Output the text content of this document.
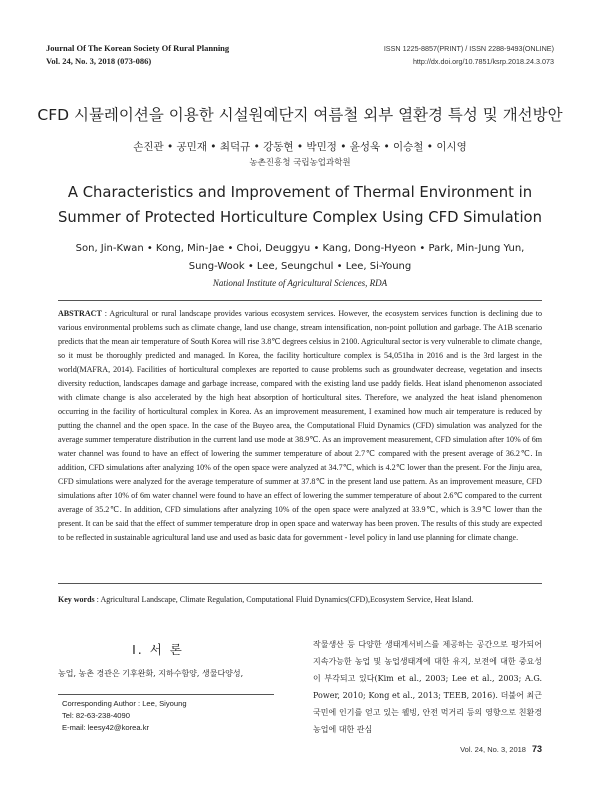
Journal Of The Korean Society Of Rural Planning
Vol. 24, No. 3, 2018 (073-086)
ISSN 1225-8857(PRINT) / ISSN 2288-9493(ONLINE)
http://dx.doi.org/10.7851/ksrp.2018.24.3.073
CFD 시뮬레이션을 이용한 시설원예단지 여름철 외부 열환경 특성 및 개선방안
손진관 • 공민재 • 최덕규 • 강동현 • 박민정 • 윤성욱 • 이승철 • 이시영
농촌진흥청 국립농업과학원
A Characteristics and Improvement of Thermal Environment in Summer of Protected Horticulture Complex Using CFD Simulation
Son, Jin-Kwan • Kong, Min-Jae • Choi, Deuggyu • Kang, Dong-Hyeon • Park, Min-Jung Yun, Sung-Wook • Lee, Seungchul • Lee, Si-Young
National Institute of Agricultural Sciences, RDA
ABSTRACT : Agricultural or rural landscape provides various ecosystem services. However, the ecosystem services function is declining due to various environmental problems such as climate change, land use change, stream intensification, non-point pollution and garbage. The A1B scenario predicts that the mean air temperature of South Korea will rise 3.8℃ degrees celsius in 2100. Agricultural sector is very vulnerable to climate change, so it must be thoroughly predicted and managed. In Korea, the facility horticulture complex is 54,051ha in 2016 and is the 3rd largest in the world(MAFRA, 2014). Facilities of horticultural complexes are reported to cause problems such as groundwater decrease, vegetation and insects diversity reduction, landscapes damage and garbage increase, compared with the existing land use paddy fields. Heat island phenomenon associated with climate change is also accelerated by the high heat absorption of horticultural sites. Therefore, we analyzed the heat island phenomenon occurring in the facility of horticultural complex in Korea. As an improvement measurement, I examined how much air temperature is reduced by putting the channel and the open space. In the case of the Buyeo area, the Computational Fluid Dynamics (CFD) simulation was analyzed for the average summer temperature distribution in the current land use mode at 38.9℃. As an improvement measurement, CFD simulation after 10% of 6m water channel was found to have an effect of lowering the summer temperature of about 2.7℃ compared with the present average of 36.2℃. In addition, CFD simulations after analyzing 10% of the open space were analyzed at 34.7℃, which is 4.2℃ lower than the present. For the Jinju area, CFD simulations were analyzed for the average temperature of summer at 37.8℃ in the present land use pattern. As an improvement measure, CFD simulations after 10% of 6m water channel were found to have an effect of lowering the summer temperature of about 2.6℃ compared to the current average of 35.2℃. In addition, CFD simulations after analyzing 10% of the open space were analyzed at 33.9℃, which is 3.9℃ lower than the present. It can be said that the effect of summer temperature drop in open space and waterway has been proven. The results of this study are expected to be reflected in sustainable agricultural land use and used as basic data for government - level policy in land use planning for climate change.
Key words : Agricultural Landscape, Climate Regulation, Computational Fluid Dynamics(CFD),Ecosystem Service, Heat Island.
I. 서 론
농업, 농촌 경관은 기후완화, 지하수함양, 생물다양성,
Corresponding Author : Lee, Siyoung
Tel: 82-63-238-4090
E-mail: leesy42@korea.kr
작물생산 등 다양한 생태계서비스를 제공하는 공간으로 평가되어 지속가능한 농업 및 농업생태계에 대한 유지, 보전에 대한 중요성이 부각되고 있다(Kim et al., 2003; Lee et al., 2003; A.G. Power, 2010; Kong et al., 2013; TEEB, 2016). 더불어 최근 국민에 인기를 얻고 있는 웰빙, 안전 먹거리 등의 영향으로 친환경농업에 대한 관심
Vol. 24, No. 3, 2018 73
